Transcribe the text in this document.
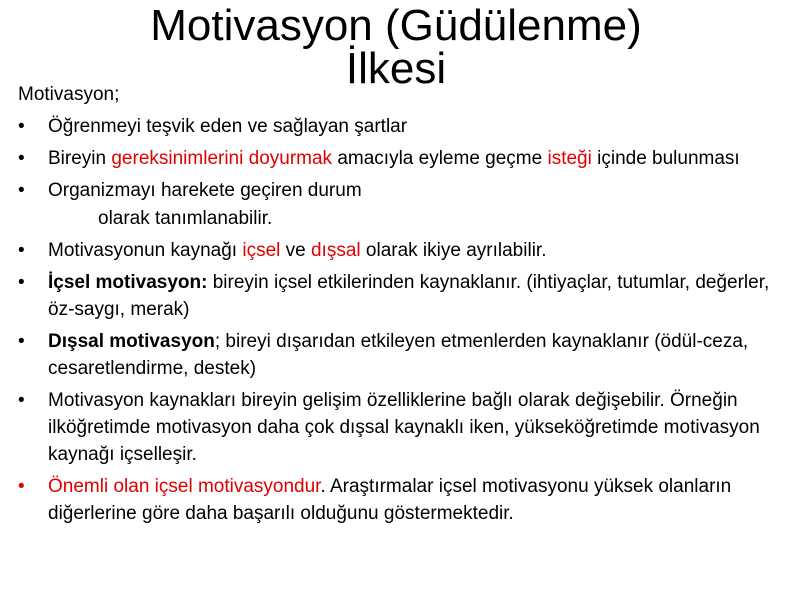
Motivasyon (Güdülenme) İlkesi

Motivasyon;

•	Öğrenmeyi teşvik eden ve sağlayan şartlar
•	Bireyin gereksinimlerini doyurmak amacıyla eyleme geçme isteği içinde bulunması
•	Organizmayı harekete geçiren durum
olarak tanımlanabilir.
•	Motivasyonun kaynağı içsel ve dışsal olarak ikiye ayrılabilir.
•	İçsel motivasyon: bireyin içsel etkilerinden kaynaklanır. (ihtiyaçlar, tutumlar, değerler, öz-saygı, merak)
•	Dışsal motivasyon; bireyi dışarıdan etkileyen etmenlerden kaynaklanır (ödül-ceza, cesaretlendirme, destek)
•	Motivasyon kaynakları bireyin gelişim özelliklerine bağlı olarak değişebilir. Örneğin ilköğretimde motivasyon daha çok dışsal kaynaklı iken, yükseköğretimde motivasyon kaynağı içselleşir.
•	Önemli olan içsel motivasyondur. Araştırmalar içsel motivasyonu yüksek olanların diğerlerine göre daha başarılı olduğunu göstermektedir.
